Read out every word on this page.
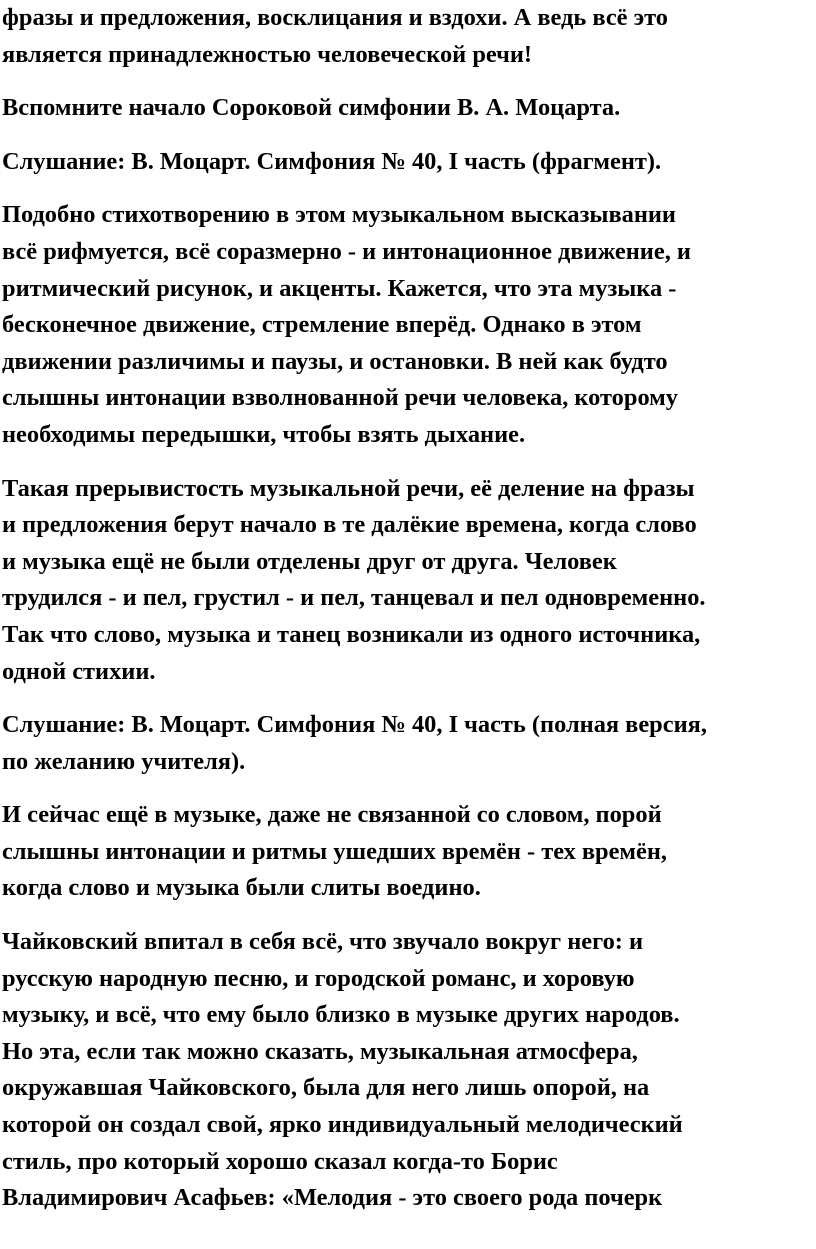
фразы и предложения, восклицания и вздохи. А ведь всё это
является принадлежностью человеческой речи!

Вспомните начало Сороковой симфонии В. А. Моцарта.

Слушание: В. Моцарт. Симфония № 40, I часть (фрагмент).

Подобно стихотворению в этом музыкальном высказывании
всё рифмуется, всё соразмерно - и интонационное движение, и
ритмический рисунок, и акценты. Кажется, что эта музыка -
бесконечное движение, стремление вперёд. Однако в этом
движении различимы и паузы, и остановки. В ней как будто
слышны интонации взволнованной речи человека, которому
необходимы передышки, чтобы взять дыхание.

Такая прерывистость музыкальной речи, её деление на фразы
и предложения берут начало в те далёкие времена, когда слово
и музыка ещё не были отделены друг от друга. Человек
трудился - и пел, грустил - и пел, танцевал и пел одновременно.
Так что слово, музыка и танец возникали из одного источника,
одной стихии.

Слушание: В. Моцарт. Симфония № 40, I часть (полная версия,
по желанию учителя).

И сейчас ещё в музыке, даже не связанной со словом, порой
слышны интонации и ритмы ушедших времён - тех времён,
когда слово и музыка были слиты воедино.

Чайковский впитал в себя всё, что звучало вокруг него: и
русскую народную песню, и городской романс, и хоровую
музыку, и всё, что ему было близко в музыке других народов.
Но эта, если так можно сказать, музыкальная атмосфера,
окружавшая Чайковского, была для него лишь опорой, на
которой он создал свой, ярко индивидуальный мелодический
стиль, про который хорошо сказал когда-то Борис
Владимирович Асафьев: «Мелодия - это своего рода почерк
